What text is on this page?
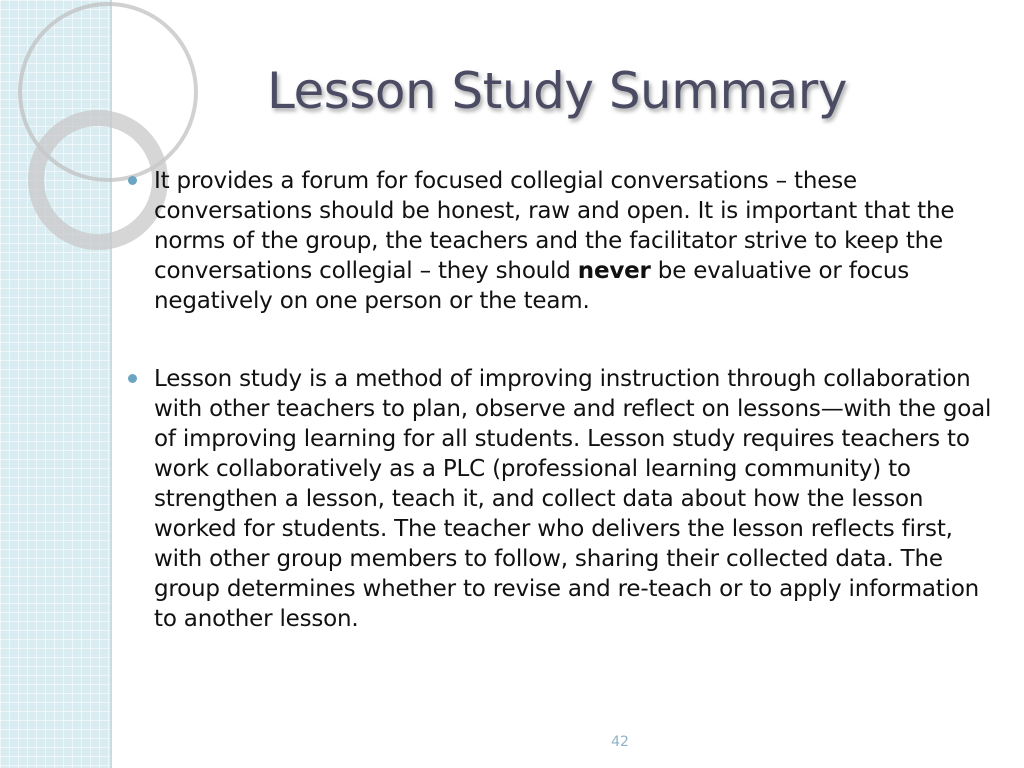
Lesson Study Summary
It provides a forum for focused collegial conversations – these conversations should be honest, raw and open. It is important that the norms of the group, the teachers and the facilitator strive to keep the conversations collegial – they should never be evaluative or focus negatively on one person or the team.
Lesson study is a method of improving instruction through collaboration with other teachers to plan, observe and reflect on lessons—with the goal of improving learning for all students. Lesson study requires teachers to work collaboratively as a PLC (professional learning community) to strengthen a lesson, teach it, and collect data about how the lesson worked for students. The teacher who delivers the lesson reflects first, with other group members to follow, sharing their collected data. The group determines whether to revise and re-teach or to apply information to another lesson.
42
